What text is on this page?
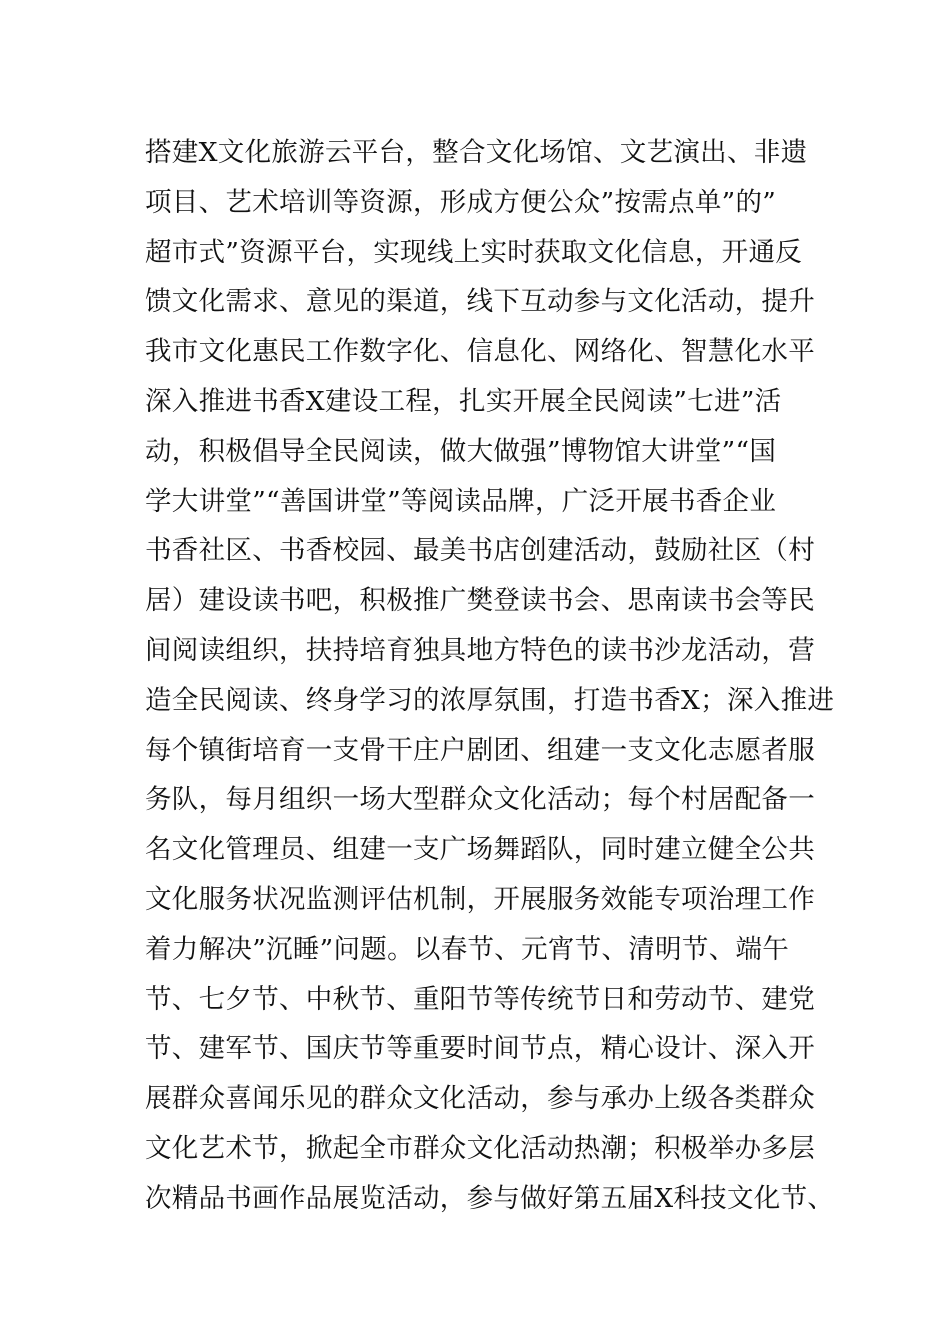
搭建X文化旅游云平台，整合文化场馆、文艺演出、非遗
项目、艺术培训等资源，形成方便公众”按需点单”的”
超市式”资源平台，实现线上实时获取文化信息，开通反
馈文化需求、意见的渠道，线下互动参与文化活动，提升
我市文化惠民工作数字化、信息化、网络化、智慧化水平
深入推进书香X建设工程，扎实开展全民阅读”七进”活
动，积极倡导全民阅读，做大做强”博物馆大讲堂”“国
学大讲堂”“善国讲堂”等阅读品牌，广泛开展书香企业
书香社区、书香校园、最美书店创建活动，鼓励社区（村
居）建设读书吧，积极推广樊登读书会、思南读书会等民
间阅读组织，扶持培育独具地方特色的读书沙龙活动，营
造全民阅读、终身学习的浓厚氛围，打造书香X；深入推进
每个镇街培育一支骨干庄户剧团、组建一支文化志愿者服
务队，每月组织一场大型群众文化活动；每个村居配备一
名文化管理员、组建一支广场舞蹈队，同时建立健全公共
文化服务状况监测评估机制，开展服务效能专项治理工作
着力解决”沉睡”问题。以春节、元宵节、清明节、端午
节、七夕节、中秋节、重阳节等传统节日和劳动节、建党
节、建军节、国庆节等重要时间节点，精心设计、深入开
展群众喜闻乐见的群众文化活动，参与承办上级各类群众
文化艺术节，掀起全市群众文化活动热潮；积极举办多层
次精品书画作品展览活动，参与做好第五届X科技文化节、
